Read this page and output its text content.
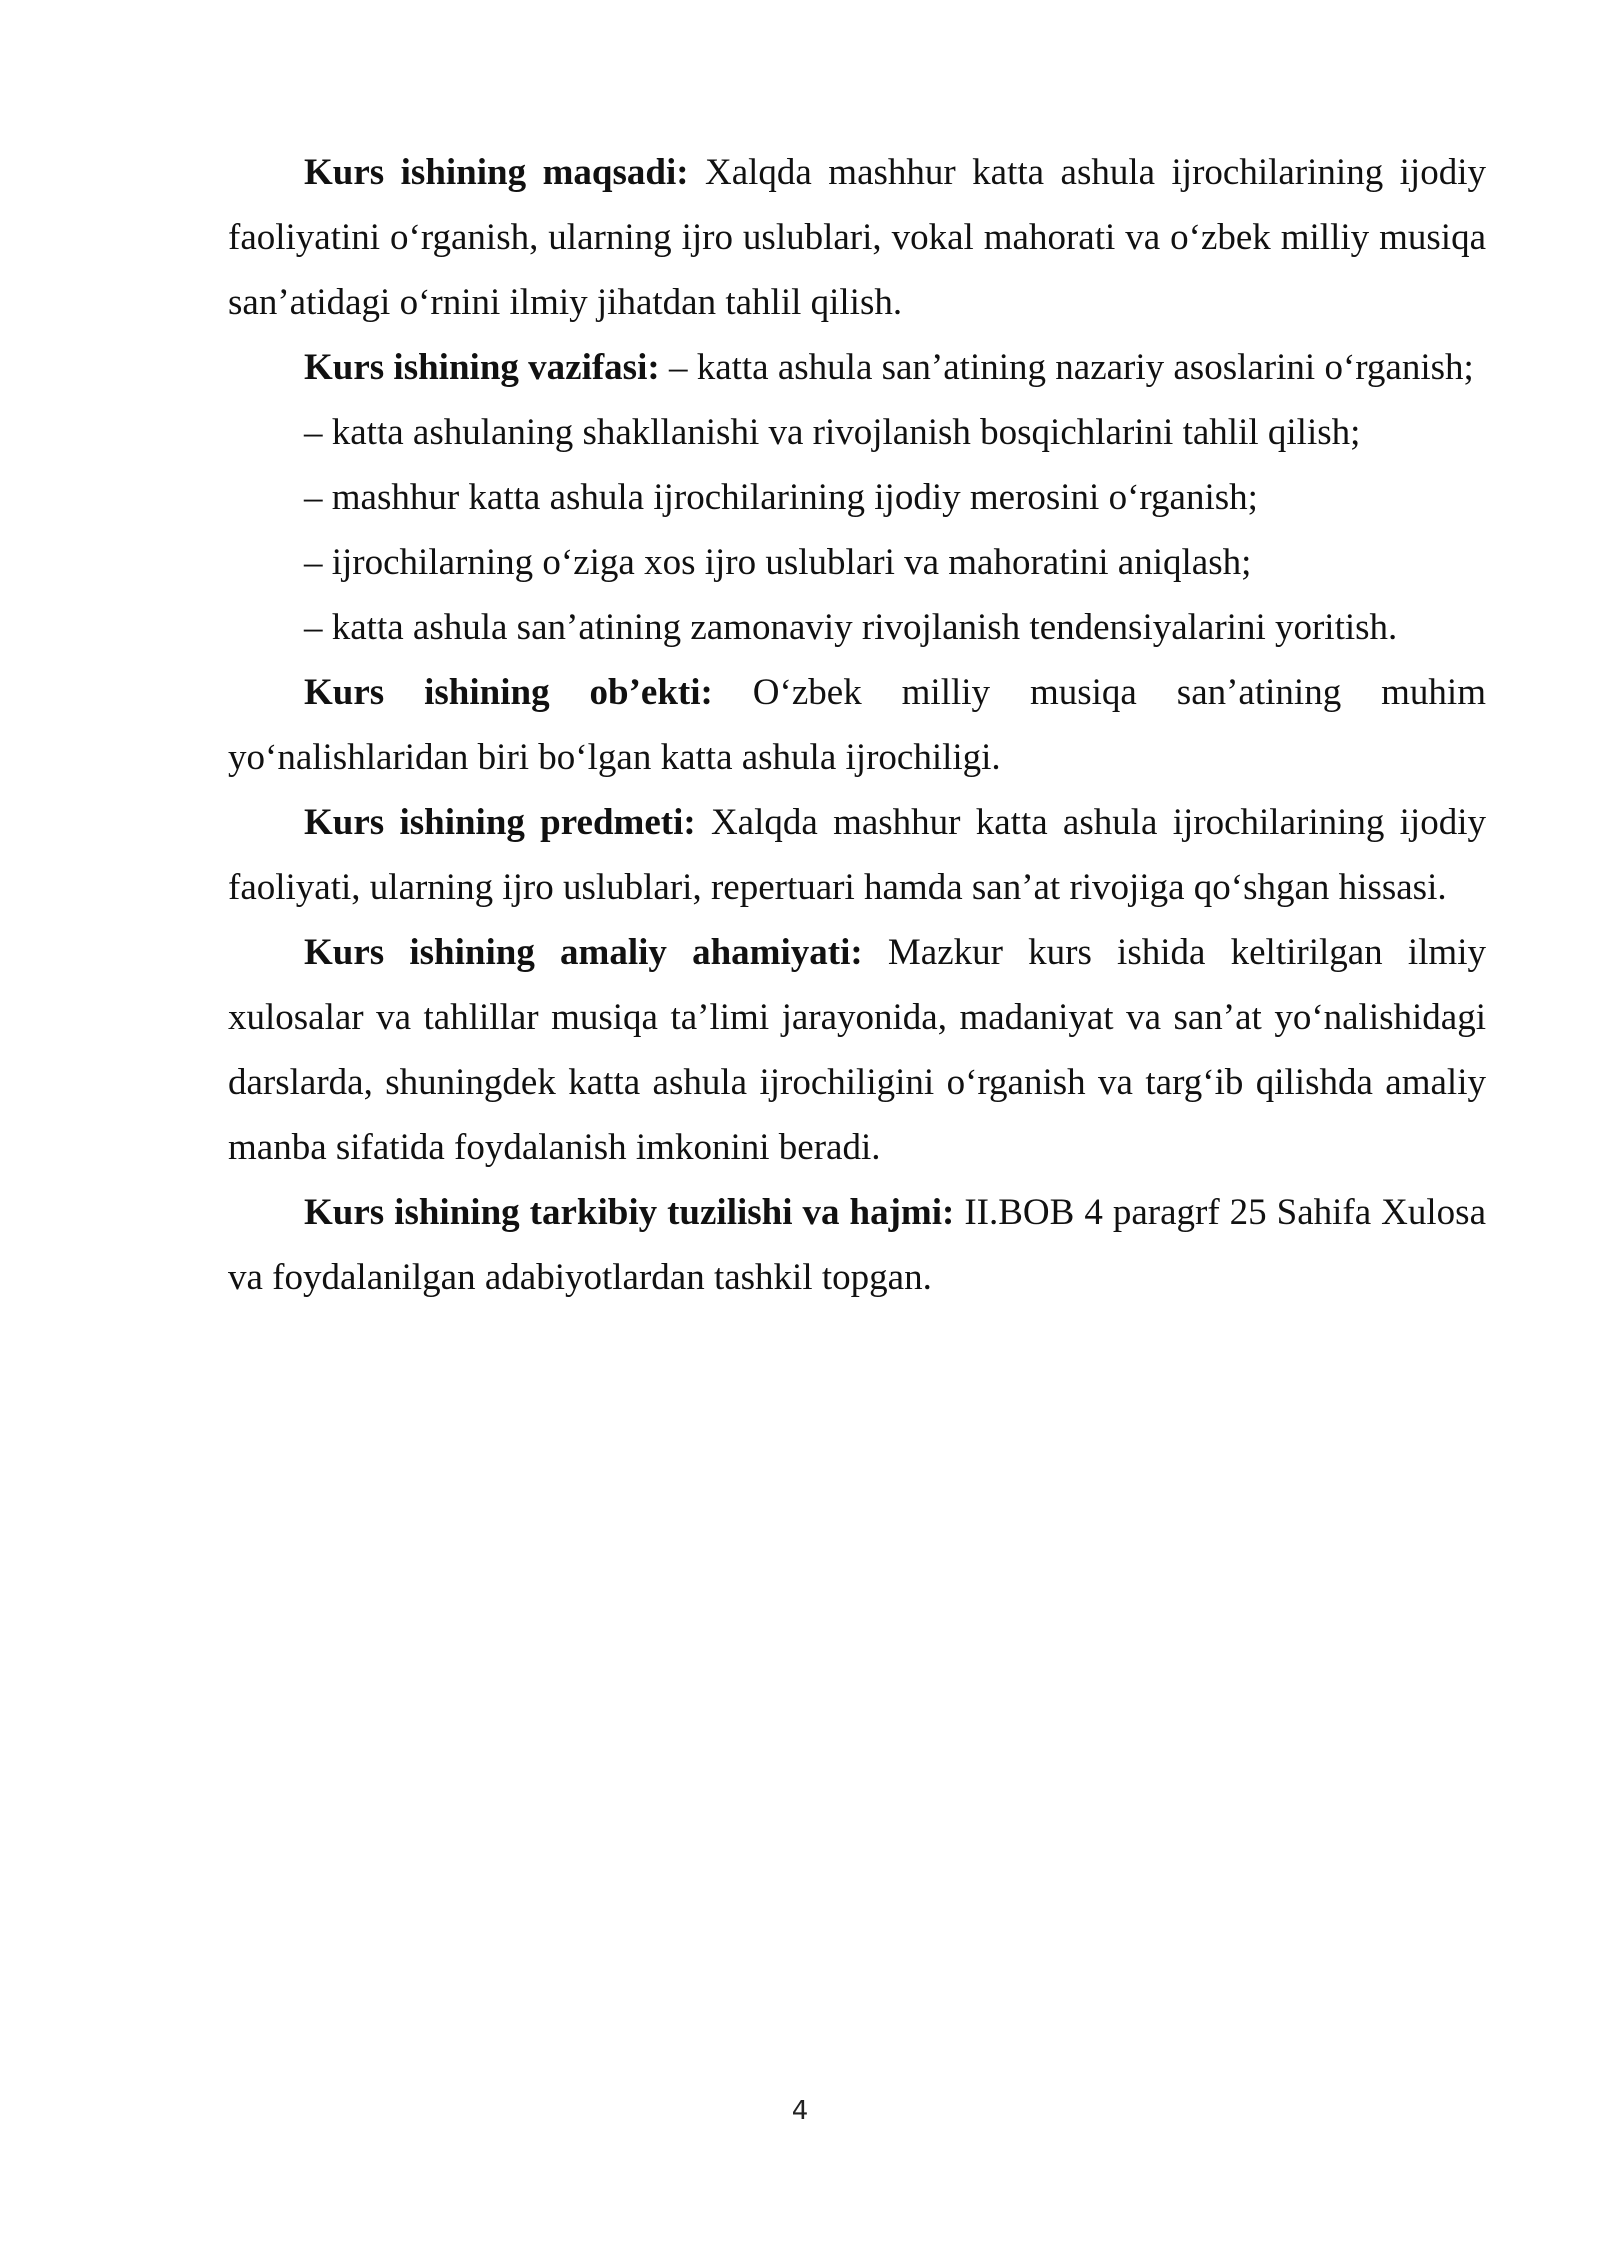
Kurs ishining maqsadi: Xalqda mashhur katta ashula ijrochilarining ijodiy faoliyatini o‘rganish, ularning ijro uslublari, vokal mahorati va o‘zbek milliy musiqa san’atidagi o‘rnini ilmiy jihatdan tahlil qilish.

Kurs ishining vazifasi: – katta ashula san’atining nazariy asoslarini o‘rganish;

– katta ashulaning shakllanishi va rivojlanish bosqichlarini tahlil qilish;

– mashhur katta ashula ijrochilarining ijodiy merosini o‘rganish;

– ijrochilarning o‘ziga xos ijro uslublari va mahoratini aniqlash;

– katta ashula san’atining zamonaviy rivojlanish tendensiyalarini yoritish.

Kurs ishining ob’ekti: O‘zbek milliy musiqa san’atining muhim yo‘nalishlaridan biri bo‘lgan katta ashula ijrochiligi.

Kurs ishining predmeti: Xalqda mashhur katta ashula ijrochilarining ijodiy faoliyati, ularning ijro uslublari, repertuari hamda san’at rivojiga qo‘shgan hissasi.

Kurs ishining amaliy ahamiyati: Mazkur kurs ishida keltirilgan ilmiy xulosalar va tahlillar musiqa ta’limi jarayonida, madaniyat va san’at yo‘nalishidagi darslarda, shuningdek katta ashula ijrochiligini o‘rganish va targ‘ib qilishda amaliy manba sifatida foydalanish imkonini beradi.

Kurs ishining tarkibiy tuzilishi va hajmi: II.BOB 4 paragrf 25 Sahifa Xulosa va foydalanilgan adabiyotlardan tashkil topgan.

4
